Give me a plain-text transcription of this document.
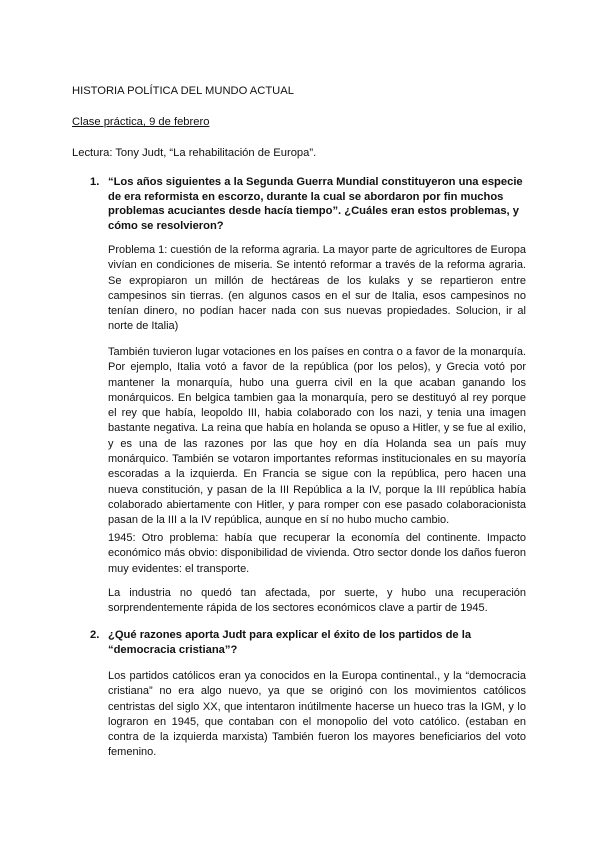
HISTORIA POLÍTICA DEL MUNDO ACTUAL
Clase práctica, 9 de febrero
Lectura: Tony Judt, “La rehabilitación de Europa”.
1. “Los años siguientes a la Segunda Guerra Mundial constituyeron una especie de era reformista en escorzo, durante la cual se abordaron por fin muchos problemas acuciantes desde hacía tiempo”. ¿Cuáles eran estos problemas, y cómo se resolvieron?
Problema 1: cuestión de la reforma agraria. La mayor parte de agricultores de Europa vivían en condiciones de miseria. Se intentó reformar a través de la reforma agraria. Se expropiaron un millón de hectáreas de los kulaks y se repartieron entre campesinos sin tierras. (en algunos casos en el sur de Italia, esos campesinos no tenían dinero, no podían hacer nada con sus nuevas propiedades. Solucion, ir al norte de Italia)
También tuvieron lugar votaciones en los países en contra o a favor de la monarquía. Por ejemplo, Italia votó a favor de la república (por los pelos), y Grecia votó por mantener la monarquía, hubo una guerra civil en la que acaban ganando los monárquicos. En belgica tambien gaa la monarquía, pero se destituyó al rey porque el rey que había, leopoldo III, habia colaborado con los nazi, y tenia una imagen bastante negativa. La reina que había en holanda se opuso a Hitler, y se fue al exilio, y es una de las razones por las que hoy en día Holanda sea un país muy monárquico. También se votaron importantes reformas institucionales en su mayoría escoradas a la izquierda. En Francia se sigue con la república, pero hacen una nueva constitución, y pasan de la III República a la IV, porque la III república había colaborado abiertamente con Hitler, y para romper con ese pasado colaboracionista pasan de la III a la IV república, aunque en sí no hubo mucho cambio.
1945: Otro problema: había que recuperar la economía del continente. Impacto económico más obvio: disponibilidad de vivienda. Otro sector donde los daños fueron muy evidentes: el transporte.
La industria no quedó tan afectada, por suerte, y hubo una recuperación sorprendentemente rápida de los sectores económicos clave a partir de 1945.
2. ¿Qué razones aporta Judt para explicar el éxito de los partidos de la “democracia cristiana”?
Los partidos católicos eran ya conocidos en la Europa continental., y la “democracia cristiana” no era algo nuevo, ya que se originó con los movimientos católicos centristas del siglo XX, que intentaron inútilmente hacerse un hueco tras la IGM, y lo lograron en 1945, que contaban con el monopolio del voto católico. (estaban en contra de la izquierda marxista) También fueron los mayores beneficiarios del voto femenino.
